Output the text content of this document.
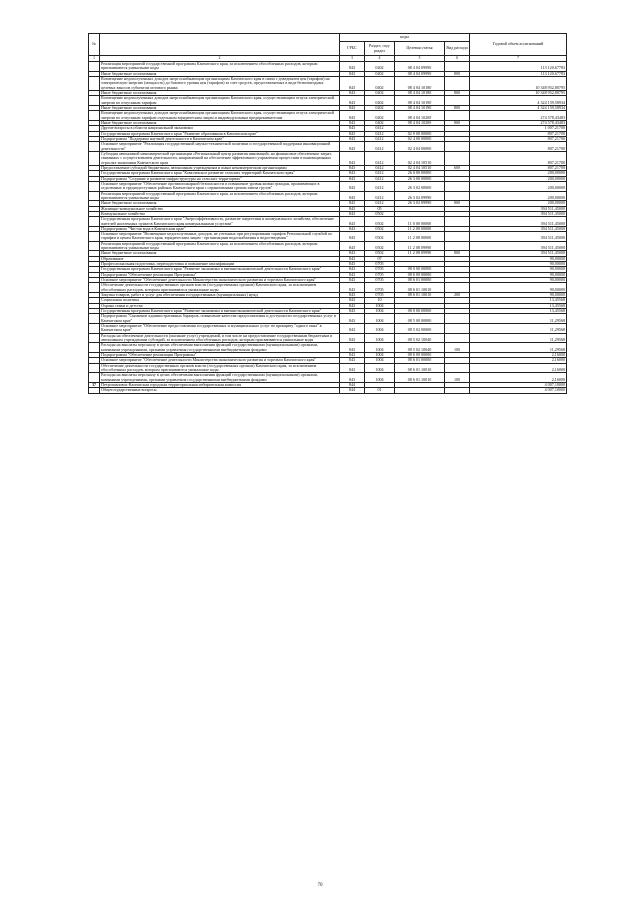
№		коды				Годовой объем ассигнований
		ГРБС	Раздел, под-раздел	Целевая статья	Вид расхода	
1	2	3	4	5	6	7
	Реализация мероприятий государственной программы Камчатского края, за исключением обособленных расходов, которым присваиваются уникальные коды	843	0402	08 4 04 09990		113 120,67783
	Иные бюджетные ассигнования	843	0402	08 4 04 09990	800	113 120,67783
	Возмещение недополученных доходов энергоснабжающим организациям Камчатского края в связи с доведением цен (тарифов) на электрическую энергию (мощность) до базового уровня цен (тарифов) за счет средств, предоставляемых в виде безвозмездных целевых взносов субъектом оптового рынка	843	0402	08 4 04 10180		10 348 952,80795
	Иные бюджетные ассигнования	843	0402	08 4 04 10180	800	10 348 952,80795
	Возмещение недополученных доходов энергоснабжающим организациям Камчатского края, осуществляющим отпуск электрической энергии по отпускным тарифам	843	0402	08 4 04 10190		4 324 159,58934
	Иные бюджетные ассигнования	843	0402	08 4 04 10190	800	4 324 159,58934
	Возмещение недополученных доходов энергоснабжающим организациям Камчатского края, осуществляющим отпуск электрической энергии по отпускным тарифам отдельным юридическим лицам и индивидуальным предпринимателям	843	0402	08 4 04 10200		274 578,43483
	Иные бюджетные ассигнования	843	0402	08 4 04 10200	800	274 578,43483
	Другие вопросы в области национальной экономики	843	0412			1 007,21700
	Государственная программа Камчатского края "Развитие образования в Камчатском крае"	843	0412	02 0 00 00000		807,21700
	Подпрограмма "Поддержка научной деятельности в Камчатском крае"	843	0412	02 4 00 00000		807,21700
	Основное мероприятие "Реализация государственной научно-технической политики и государственной поддержки инновационной деятельности"	843	0412	02 4 04 00000		807,21700
	Субсидия автономной некоммерческой организации «Региональный центр развития инноваций» на финансовое обеспечение затрат, связанных с осуществлением деятельности, направленной на обеспечение эффективного управления процессами в инновационных отраслях экономики Камчатского края	843	0412	02 4 04 10510		807,21700
	Предоставление субсидий бюджетным, автономным учреждениям и иным некоммерческим организациям	843	0412	02 4 04 10510	600	807,21700
	Государственная программа Камчатского края "Комплексное развитие сельских территорий Камчатского края"	843	0412	26 0 00 00000		200,00000
	Подпрограмма "Создание и развитие инфраструктуры на сельских территориях"	843	0412	26 3 00 00000		200,00000
	Основное мероприятие "Обеспечение противопожарной безопасности и повышение уровня жизни граждан, проживающих в отдаленных и труднодоступных районах Камчатского края с ограниченным сроком завоза грузов"	843	0412	26 3 02 00000		200,00000
	Реализация мероприятий государственной программы Камчатского края, за исключением обособленных расходов, которым присваиваются уникальные коды	843	0412	26 3 02 09990		200,00000
	Иные бюджетные ассигнования	843	0412	26 3 02 09990	800	200,00000
	Жилищно-коммунальное хозяйство	843	05			394 511,45000
	Коммунальное хозяйство	843	0502			394 511,45000
	Государственная программа Камчатского края "Энергоэффективность, развитие энергетики и коммунального хозяйства, обеспечение жителей населенных пунктов Камчатского края коммунальными услугами"	843	0502	11 0 00 00000		394 511,45000
	Подпрограмма "Чистая вода в Камчатском крае"	843	0502	11 2 00 00000		394 511,45000
	Основное мероприятие "Возмещение недополученных доходов, не учтенных при регулировании тарифов Региональной службой по тарифам и ценам Камчатского края, юридическим лицам - организациям водоснабжения и водоотведения"	843	0502	11 2 08 00000		394 511,45000
	Реализация мероприятий государственной программы Камчатского края, за исключением обособленных расходов, которым присваиваются уникальные коды	843	0502	11 2 08 09990		394 511,45000
	Иные бюджетные ассигнования	843	0502	11 2 08 09990	800	394 511,45000
	Образование	843	07			90,00000
	Профессиональная подготовка, переподготовка и повышение квалификации	843	0705			90,00000
	Государственная программа Камчатского края "Развитие экономики и внешнеэкономической деятельности Камчатского края"	843	0705	08 0 00 00000		90,00000
	Подпрограмма "Обеспечение реализации Программы"	843	0705	08 6 00 00000		90,00000
	Основное мероприятие "Обеспечение деятельности Министерства экономического развития и торговли Камчатского края"	843	0705	08 6 01 00000		90,00000
	Обеспечение деятельности государственных органов власти (государственных органов) Камчатского края, за исключением обособленных расходов, которым присваиваются уникальные коды	843	0705	08 6 01 10010		90,00000
	Закупка товаров, работ и услуг для обеспечения государственных (муниципальных) нужд	843	0705	08 6 01 10010	200	90,00000
	Социальная политика	843	10			13,45568
	Охрана семьи и детства	843	1004			13,45568
	Государственная программа Камчатского края "Развитие экономики и внешнеэкономической деятельности Камчатского края"	843	1004	08 0 00 00000		13,45568
	Подпрограмма "Снижение административных барьеров, повышение качества предоставления и доступности государственных услуг в Камчатском крае"	843	1004	08 5 00 00000		11,29568
	Основное мероприятие "Обеспечение предоставления государственных и муниципальных услуг по принципу "одного окна" в Камчатском крае"	843	1004	08 5 02 00000		11,29568
	Расходы на обеспечение деятельности (оказание услуг) учреждений, в том числе на предоставление государственным бюджетным и автономным учреждениям субсидий, за исключением обособленных расходов, которым присваиваются уникальные коды	843	1004	08 5 02 10040		11,29568
	Расходы на выплаты персоналу в целях обеспечения выполнения функций государственными (муниципальными) органами, казенными учреждениями, органами управления государственными внебюджетными фондами	843	1004	08 5 02 10040	100	11,29568
	Подпрограмма "Обеспечение реализации Программы"	843	1004	08 6 00 00000		2,16000
	Основное мероприятие "Обеспечение деятельности Министерства экономического развития и торговли Камчатского края"	843	1004	08 6 01 00000		2,16000
	Обеспечение деятельности государственных органов власти (государственных органов) Камчатского края, за исключением обособленных расходов, которым присваиваются уникальные коды	843	1004	08 6 01 10010		2,16000
	Расходы на выплаты персоналу в целях обеспечения выполнения функций государственными (муниципальными) органами, казенными учреждениями, органами управления государственными внебюджетными фондами	843	1004	08 6 01 10010	100	2,16000
37	Петропавловск-Камчатская городская территориальная избирательная комиссия	844				4 007,10000
	Общегосударственные вопросы	844	01			4 007,10000
70
